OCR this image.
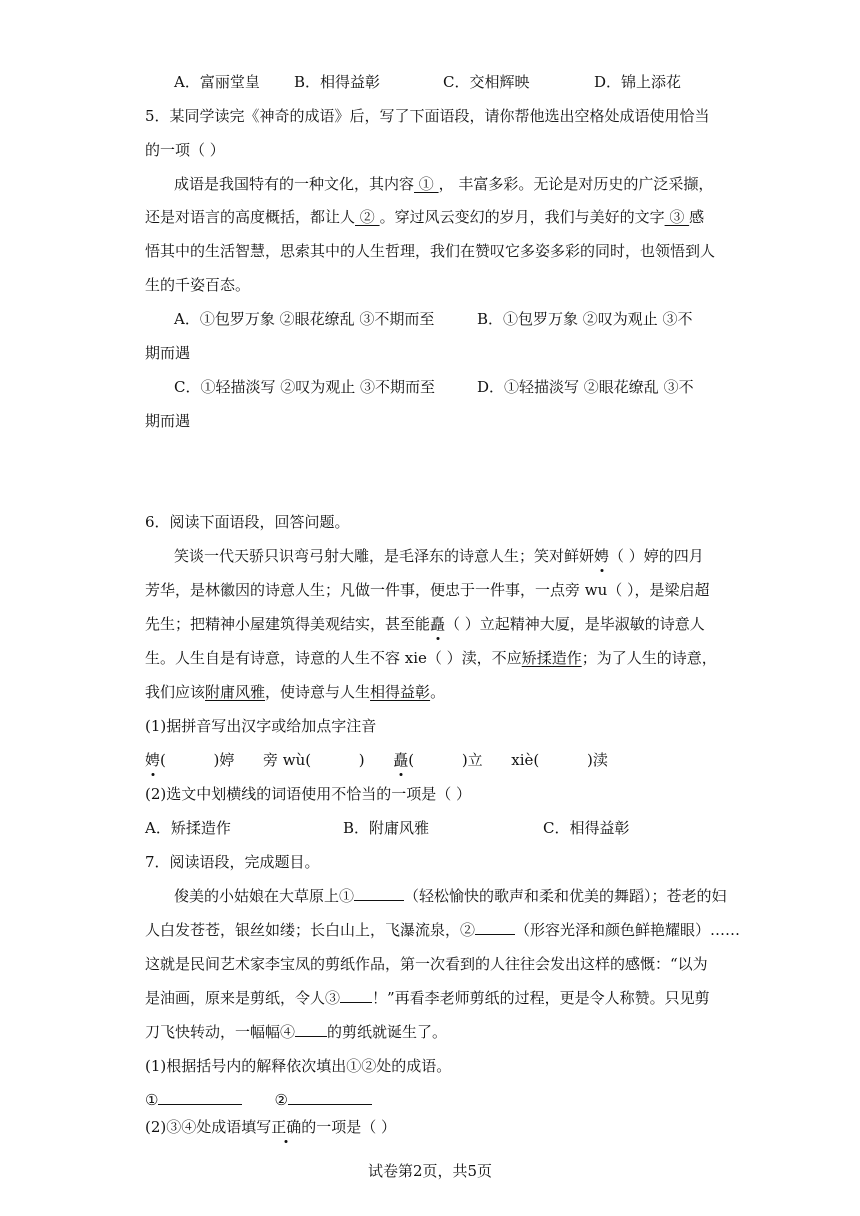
A．富丽堂皇 B．相得益彰	C．交相辉映	D．锦上添花
5．某同学读完《神奇的成语》后，写了下面语段，请你帮他选出空格处成语使用恰当
的一项（ ）
成语是我国特有的一种文化，其内容 ① ， 丰富多彩。无论是对历史的广泛采撷，
还是对语言的高度概括，都让人 ② 。穿过风云变幻的岁月，我们与美好的文字 ③ 感
悟其中的生活智慧，思索其中的人生哲理，我们在赞叹它多姿多彩的同时，也领悟到人
生的千姿百态。
A．①包罗万象 ②眼花缭乱 ③不期而至	B．①包罗万象 ②叹为观止 ③不
期而遇
C．①轻描淡写 ②叹为观止 ③不期而至	D．①轻描淡写 ②眼花缭乱 ③不
期而遇
6．阅读下面语段，回答问题。
笑谈一代天骄只识弯弓射大雕，是毛泽东的诗意人生；笑对鲜妍娉（ ）婷的四月
芳华，是林徽因的诗意人生；凡做一件事，便忠于一件事，一点旁 wu（ ），是梁启超
先生；把精神小屋建筑得美观结实，甚至能矗（ ）立起精神大厦，是毕淑敏的诗意人
生。人生自是有诗意，诗意的人生不容 xie（ ）渎，不应矫揉造作；为了人生的诗意，
我们应该附庸风雅，使诗意与人生相得益彰。
(1)据拼音写出汉字或给加点字注音
娉(          )婷      旁 wù(          )      矗(          )立      xiè(          )渎
(2)选文中划横线的词语使用不恰当的一项是（ ）
A．矫揉造作	B．附庸风雅	C．相得益彰
7．阅读语段，完成题目。
俊美的小姑娘在大草原上①	（轻松愉快的歌声和柔和优美的舞蹈）；苍老的妇
人白发苍苍，银丝如缕；长白山上，飞瀑流泉，②	（形容光泽和颜色鲜艳耀眼）……
这就是民间艺术家李宝凤的剪纸作品，第一次看到的人往往会发出这样的感慨：“以为
是油画，原来是剪纸，令人③ ！”再看李老师剪纸的过程，更是令人称赞。只见剪
刀飞快转动，一幅幅④ 的剪纸就诞生了。
(1)根据括号内的解释依次填出①②处的成语。
①	②
(2)③④处成语填写正确的一项是（ ）
试卷第2页，共5页
